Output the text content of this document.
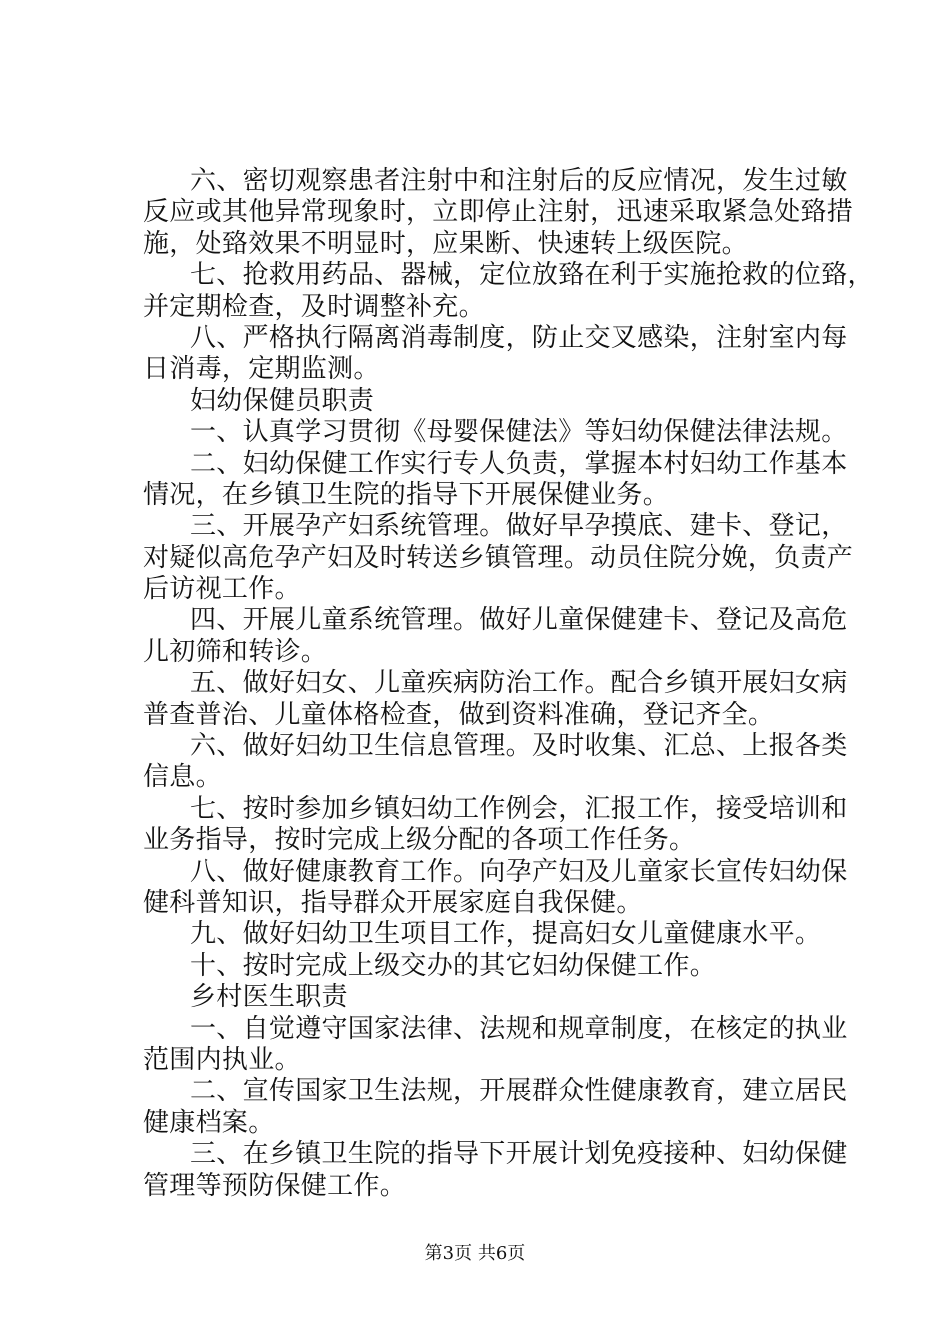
六、密切观察患者注射中和注射后的反应情况，发生过敏
反应或其他异常现象时，立即停止注射，迅速采取紧急处臵措
施，处臵效果不明显时，应果断、快速转上级医院。
七、抢救用药品、器械，定位放臵在利于实施抢救的位臵，
并定期检查，及时调整补充。
八、严格执行隔离消毒制度，防止交叉感染，注射室内每
日消毒，定期监测。
妇幼保健员职责
一、认真学习贯彻《母婴保健法》等妇幼保健法律法规。
二、妇幼保健工作实行专人负责，掌握本村妇幼工作基本
情况，在乡镇卫生院的指导下开展保健业务。
三、开展孕产妇系统管理。做好早孕摸底、建卡、登记，
对疑似高危孕产妇及时转送乡镇管理。动员住院分娩，负责产
后访视工作。
四、开展儿童系统管理。做好儿童保健建卡、登记及高危
儿初筛和转诊。
五、做好妇女、儿童疾病防治工作。配合乡镇开展妇女病
普查普治、儿童体格检查，做到资料准确，登记齐全。
六、做好妇幼卫生信息管理。及时收集、汇总、上报各类
信息。
七、按时参加乡镇妇幼工作例会，汇报工作，接受培训和
业务指导，按时完成上级分配的各项工作任务。
八、做好健康教育工作。向孕产妇及儿童家长宣传妇幼保
健科普知识，指导群众开展家庭自我保健。
九、做好妇幼卫生项目工作，提高妇女儿童健康水平。
十、按时完成上级交办的其它妇幼保健工作。
乡村医生职责
一、自觉遵守国家法律、法规和规章制度，在核定的执业
范围内执业。
二、宣传国家卫生法规，开展群众性健康教育，建立居民
健康档案。
三、在乡镇卫生院的指导下开展计划免疫接种、妇幼保健
管理等预防保健工作。
第3页 共6页
